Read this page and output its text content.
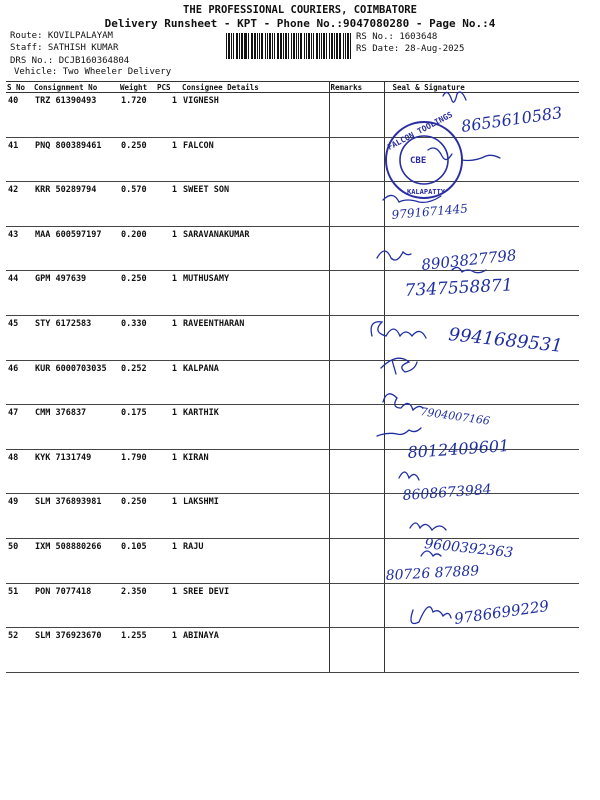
THE PROFESSIONAL COURIERS, COIMBATORE
Delivery Runsheet - KPT - Phone No.:9047080280 - Page No.:4
Route: KOVILPALAYAM
Staff: SATHISH KUMAR
DRS No.: DCJB160364804
Vehicle: Two Wheeler Delivery
RS No.: 1603648
RS Date: 28-Aug-2025
S No	Consignment No	Weight	PCS	Consignee Details	Remarks	Seal & Signature
40	TRZ 61390493	1.720	1	VIGNESH		
41	PNQ 800389461	0.250	1	FALCON		
42	KRR 50289794	0.570	1	SWEET SON		
43	MAA 600597197	0.200	1	SARAVANAKUMAR		
44	GPM 497639	0.250	1	MUTHUSAMY		
45	STY 6172583	0.330	1	RAVEENTHARAN		
46	KUR 6000703035	0.252	1	KALPANA		
47	CMM 376837	0.175	1	KARTHIK		
48	KYK 7131749	1.790	1	KIRAN		
49	SLM 376893981	0.250	1	LAKSHMI		
50	IXM 508880266	0.105	1	RAJU		
51	PON 7077418	2.350	1	SREE DEVI		
52	SLM 376923670	1.255	1	ABINAYA		
8655610583
FALCON TOOLINGS
KALAPATTY
CBE
9791671445
8903827798
7347558871
9941689531
7904007166
8012409601
8608673984
9600392363
80726 87889
9786699229
